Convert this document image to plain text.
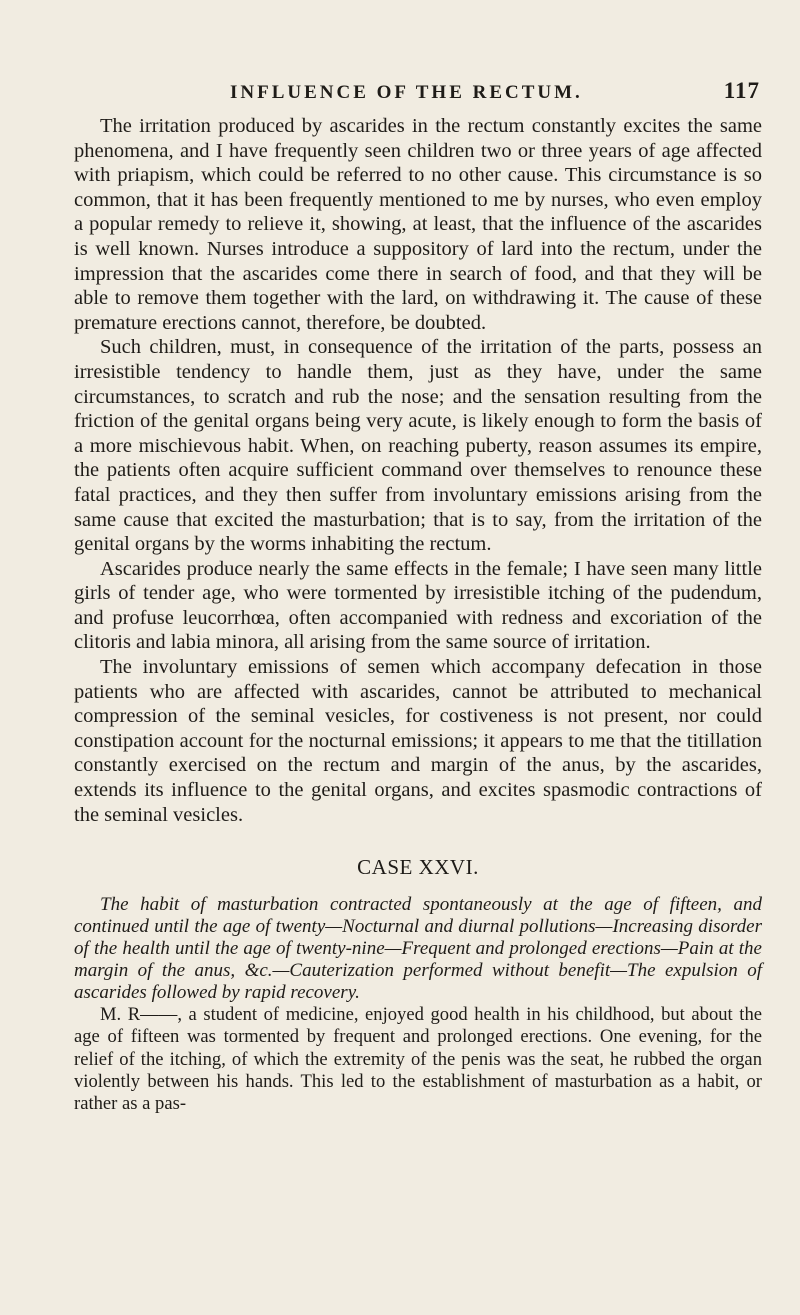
INFLUENCE OF THE RECTUM.	117

The irritation produced by ascarides in the rectum constantly excites the same phenomena, and I have frequently seen children two or three years of age affected with priapism, which could be referred to no other cause. This circumstance is so common, that it has been frequently mentioned to me by nurses, who even employ a popular remedy to relieve it, showing, at least, that the influence of the ascarides is well known. Nurses introduce a suppository of lard into the rectum, under the impression that the ascarides come there in search of food, and that they will be able to remove them together with the lard, on withdrawing it. The cause of these premature erections cannot, therefore, be doubted.

Such children, must, in consequence of the irritation of the parts, possess an irresistible tendency to handle them, just as they have, under the same circumstances, to scratch and rub the nose; and the sensation resulting from the friction of the genital organs being very acute, is likely enough to form the basis of a more mischievous habit. When, on reaching puberty, reason assumes its empire, the patients often acquire sufficient command over themselves to renounce these fatal practices, and they then suffer from involuntary emissions arising from the same cause that excited the masturbation; that is to say, from the irritation of the genital organs by the worms inhabiting the rectum.

Ascarides produce nearly the same effects in the female; I have seen many little girls of tender age, who were tormented by irresistible itching of the pudendum, and profuse leucorrhœa, often accompanied with redness and excoriation of the clitoris and labia minora, all arising from the same source of irritation.

The involuntary emissions of semen which accompany defecation in those patients who are affected with ascarides, cannot be attributed to mechanical compression of the seminal vesicles, for costiveness is not present, nor could constipation account for the nocturnal emissions; it appears to me that the titillation constantly exercised on the rectum and margin of the anus, by the ascarides, extends its influence to the genital organs, and excites spasmodic contractions of the seminal vesicles.

CASE XXVI.

The habit of masturbation contracted spontaneously at the age of fifteen, and continued until the age of twenty—Nocturnal and diurnal pollutions—Increasing disorder of the health until the age of twenty-nine—Frequent and prolonged erections—Pain at the margin of the anus, &c.—Cauterization performed without benefit—The expulsion of ascarides followed by rapid recovery.

M. R——, a student of medicine, enjoyed good health in his childhood, but about the age of fifteen was tormented by frequent and prolonged erections. One evening, for the relief of the itching, of which the extremity of the penis was the seat, he rubbed the organ violently between his hands. This led to the establishment of masturbation as a habit, or rather as a pas-
